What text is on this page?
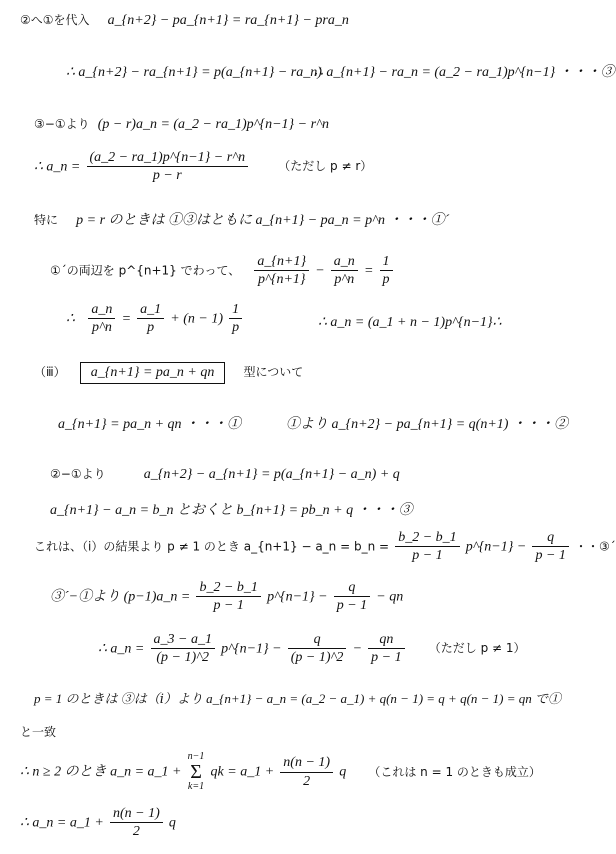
②へ①を代入 a_{n+2} − pa_{n+1} = ra_{n+1} − pra_n
∴ a_{n+2} − ra_{n+1} = p(a_{n+1} − ra_n)
∴ a_{n+1} − ra_n = (a_2 − ra_1)p^{n−1} ・・・③
③−①より (p − r)a_n = (a_2 − ra_1)p^{n−1} − r^n
∴ a_n = $\frac{(a\_2 - ra\_1)p\^{}\{n-1\} - r\^{}n}{p - r}$	（ただし p ≠ r）
特に p = r のときは ①③はともに a_{n+1} − pa_n = p^n ・・・①´
①´の両辺を p^{n+1} でわって、 $\frac{a\_\{n+1\}}{p\^{}\{n+1\}} - \frac{a\_n}{p\^{}n} = \frac{1}{p}$
∴ $\frac{a\_n}{p\^{}n} = \frac{a\_1}{p} + (n - 1) \frac{1}{p}$	∴ a_n = (a_1 + n − 1)p^{n−1}∴
（ⅲ） a_{n+1} = pa_n + qn 型について
a_{n+1} = pa_n + qn ・・・①	①より a_{n+2} − pa_{n+1} = q(n+1) ・・・②
②−①より	a_{n+2} − a_{n+1} = p(a_{n+1} − a_n) + q
a_{n+1} − a_n = b_n とおくと b_{n+1} = pb_n + q ・・・③
これは、（ⅰ）の結果より p ≠ 1 のとき a_{n+1} − a_n = b_n = $\frac{b\_2 - b\_1}{p - 1}$ p^{n−1} − $\frac{q}{p - 1}$ ・・③´
③´−①より (p−1)a_n = $\frac{b\_2 - b\_1}{p - 1}$ p^{n−1} − $\frac{q}{p - 1}$ − qn
∴ a_n = $\frac{a\_3 - a\_1}{(p - 1)\^{}2}$ p^{n−1} − $\frac{q}{(p - 1)\^{}2} - \frac{qn}{p - 1}$ （ただし p ≠ 1）
p = 1 のときは ③は（ⅰ）より a_{n+1} − a_n = (a_2 − a_1) + q(n − 1) = q + q(n − 1) = qn で①
と一致
∴ n ≥ 2 のとき a_n = a_1 + n−1
Σ
k=1 qk = a_1 + $\frac{n(n - 1)}{2}$ q （これは n = 1 のときも成立）
∴ a_n = a_1 + $\frac{n(n - 1)}{2}$ q
